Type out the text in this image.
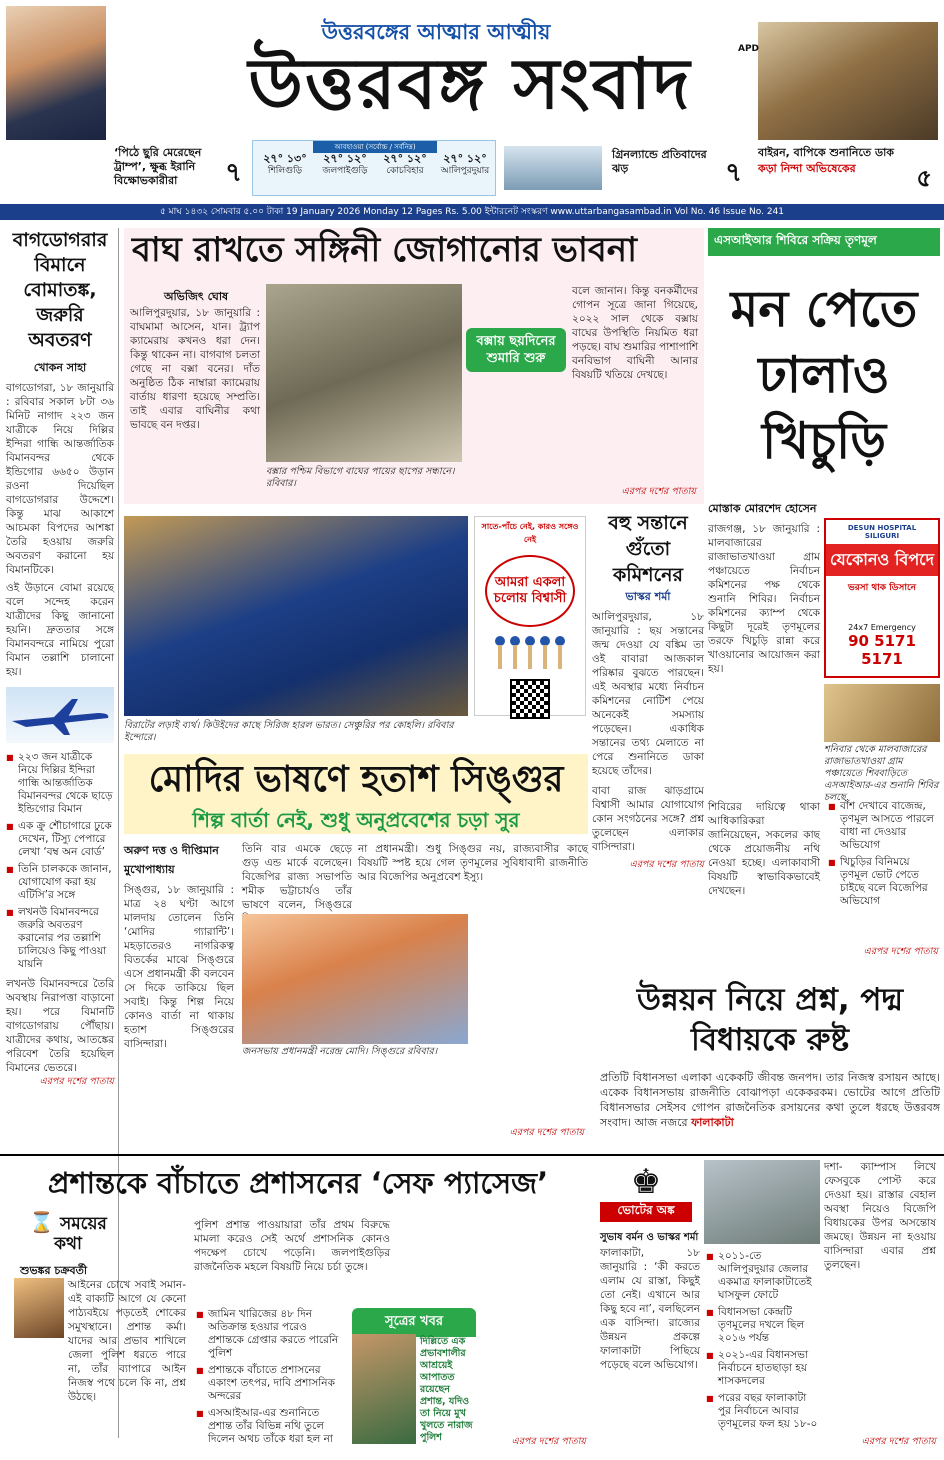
উত্তরবঙ্গের আত্মার আত্মীয়
উত্তরবঙ্গ সংবাদ	APD
‘পিঠে ছুরি মেরেছেন ট্রাম্প’, ক্ষুব্ধ ইরানি বিক্ষোভকারীরা	৭
আবহাওয়া (সর্বোচ্চ / সর্বনিম্ন)
২৭° ১৩°
শিলিগুড়ি
২৭° ১২°
জলপাইগুড়ি
২৭° ১২°
কোচবিহার
২৭° ১২°
আলিপুরদুয়ার
গ্রিনল্যান্ডে প্রতিবাদের ঝড়	৭
বাইরন, বাপিকে শুনানিতে ডাক
কড়া নিন্দা অভিষেকের	৫
৫ মাঘ ১৪৩২ সোমবার ৫.০০ টাকা 19 January 2026 Monday 12 Pages Rs. 5.00 ইন্টারনেট সংস্করণ www.uttarbangasambad.in Vol No. 46 Issue No. 241
বাগডোগরার বিমানে বোমাতঙ্ক, জরুরি অবতরণ
খোকন সাহা
বাগডোগরা, ১৮ জানুয়ারি : রবিবার সকাল ৮টা ৩৬ মিনিট নাগাদ ২২৩ জন যাত্রীকে নিয়ে দিল্লির ইন্দিরা গান্ধি আন্তর্জাতিক বিমানবন্দর থেকে ইন্ডিগোর ৬৬৫০ উড়ান রওনা দিয়েছিল বাগডোগরার উদ্দেশে। কিন্তু মাঝ আকাশে আচমকা বিপদের আশঙ্কা তৈরি হওয়ায় জরুরি অবতরণ করানো হয় বিমানটিকে।
ওই উড়ানে বোমা রয়েছে বলে সন্দেহ করেন যাত্রীদের কিছু জানানো হয়নি। দ্রুততার সঙ্গে বিমানবন্দরে নামিয়ে পুরো বিমান তল্লাশি চালানো হয়।
■ ২২৩ জন যাত্রীকে নিয়ে দিল্লির ইন্দিরা গান্ধি আন্তর্জাতিক বিমানবন্দর থেকে ছাড়ে ইন্ডিগোর বিমান
■ এক ক্রু শৌচাগারে ঢুকে দেখেন, টিস্যু পেপারে লেখা ‘বম্ব অন বোর্ড’
■ তিনি চালককে জানান, যোগাযোগ করা হয় এটিসি’র সঙ্গে
■ লখনউ বিমানবন্দরে জরুরি অবতরণ করানোর পর তল্লাশি চালিয়েও কিছু পাওয়া যায়নি
লখনউ বিমানবন্দরে তৈরি অবস্থায় নিরাপত্তা বাড়ানো হয়। পরে বিমানটি বাগডোগরায় পৌঁছায়। যাত্রীদের কথায়, আতঙ্কের পরিবেশ তৈরি হয়েছিল বিমানের ভেতরে।
এরপর দশের পাতায়
বাঘ রাখতে সঙ্গিনী জোগানোর ভাবনা
অভিজিৎ ঘোষ
আলিপুরদুয়ার, ১৮ জানুয়ারি : বাঘমামা আসেন, যান। ট্র্যাপ ক্যামেরায় কখনও ধরা দেন। কিন্তু থাকেন না। বাগবাগ চলতা গেছে না বক্সা বনের। দাঁত অনুষ্ঠিত ঠিক নাম্বারা ক্যামেরায় বার্তায় ধারণা হয়েছে সম্প্রতি। তাই এবার বাঘিনীর কথা ভাবছে বন দপ্তর।
বক্সার পশ্চিম বিভাগে বাঘের পায়ের ছাপের সন্ধানে। রবিবার।
বক্সায় ছয়দিনের শুমারি শুরু
বলে জানান। কিন্তু বনকর্মীদের গোপন সূত্রে জানা গিয়েছে, ২০২২ সাল থেকে বক্সায় বাঘের উপস্থিতি নিয়মিত ধরা পড়ছে। বাঘ শুমারির পাশাপাশি বনবিভাগ বাঘিনী আনার বিষয়টি খতিয়ে দেখছে।
এরপর দশের পাতায়
এসআইআর শিবিরে সক্রিয় তৃণমূল
মন পেতে ঢালাও খিচুড়ি
মোস্তাক মোরশেদ হোসেন
রাজগঞ্জ, ১৮ জানুয়ারি : মালবাজারের রাজাভাতখাওয়া গ্রাম পঞ্চায়েতে নির্বাচন কমিশনের পক্ষ থেকে শুনানি শিবির। নির্বাচন কমিশনের ক্যাম্প থেকে কিছুটা দূরেই তৃণমূলের তরফে খিচুড়ি রান্না করে খাওয়ানোর আয়োজন করা হয়।
DESUN HOSPITAL SILIGURI
যেকোনও বিপদে
ভরসা থাক ডিসানে
24x7 Emergency
90 5171 5171
শনিবার থেকে মালবাজারের রাজাভাতখাওয়া গ্রাম পঞ্চায়েতে শিববাড়িতে এসআইআর-এর শুনানি শিবির চলছে
শিবিরের দায়িত্বে থাকা আধিকারিকরা জানিয়েছেন, সকলের কাছ থেকে প্রয়োজনীয় নথি নেওয়া হচ্ছে। এলাকাবাসী বিষয়টি স্বাভাবিকভাবেই দেখছেন।
■ বাঁশ দেখাবে বাজেন্দ্র, তৃণমূল আসতে পারলে বাধা না দেওয়ার অভিযোগ
■ খিচুড়ির বিনিময়ে তৃণমূল ভোট পেতে চাইছে বলে বিজেপির অভিযোগ
এরপর দশের পাতায়
বিরাটের লড়াই ব্যর্থ। কিউইদের কাছে সিরিজ হারল ভারত। সেঞ্চুরির পর কোহলি। রবিবার ইন্দোরে।
সাতে-পাঁচে নেই, কারও সঙ্গেও নেই
আমরা একলা চলোয় বিশ্বাসী
বহু সন্তানে গুঁতো কমিশনের
ভাস্কর শর্মা
আলিপুরদুয়ার, ১৮ জানুয়ারি : ছয় সন্তানের জন্ম দেওয়া যে বঙ্কিম তা ওই বাবারা আজকাল পরিষ্কার বুঝতে পারছেন। এই অবস্থার মধ্যে নির্বাচন কমিশনের নোটিশ পেয়ে অনেকেই সমস্যায় পড়েছেন। একাধিক সন্তানের তথ্য মেলাতে না পেরে শুনানিতে ডাকা হয়েছে তাঁদের।
বাবা রাজ ঝাড়গ্রামে বিশ্বাসী আমার যোগাযোগ কোন সংগঠনের সঙ্গে? প্রশ্ন তুলেছেন এলাকার বাসিন্দারা।
এরপর দশের পাতায়
মোদির ভাষণে হতাশ সিঙ্গুর
শিল্প বার্তা নেই, শুধু অনুপ্রবেশের চড়া সুর
অরুণ দত্ত ও দীপ্তিমান মুখোপাধ্যায়
সিঙ্গুর, ১৮ জানুয়ারি : মাত্র ২৪ ঘণ্টা আগে মালদায় তোলেন তিনি ‘মোদির গ্যারান্টি’। মহড়াতেরও নাগরিকত্ব বিতর্কের মাঝে সিঙ্গুরে এসে প্রধানমন্ত্রী কী বলবেন সে দিকে তাকিয়ে ছিল সবাই। কিন্তু শিল্প নিয়ে কোনও বার্তা না থাকায় হতাশ সিঙ্গুরের বাসিন্দারা।
তিনি বার এমকে ছেড়ে গুড় এন্ড মার্কে বলেছেন। বিজেপির রাজ্য সভাপতি শমীক ভট্টাচার্যও তাঁর ভাষণে বলেন, সিঙ্গুরে
না প্রধানমন্ত্রী। শুধু সিঙ্গুর নয়, রাজ্যবাসীর কাছে বিষয়টি স্পষ্ট হয়ে গেল তৃণমূলের সুবিধাবাদী রাজনীতি আর বিজেপির অনুপ্রবেশ ইস্যু।
জনসভায় প্রধানমন্ত্রী নরেন্দ্র মোদি। সিঙ্গুরে রবিবার।
এরপর দশের পাতায়
উন্নয়ন নিয়ে প্রশ্ন, পদ্ম বিধায়কে রুষ্ট
প্রতিটি বিধানসভা এলাকা একেকটি জীবন্ত জনপদ। তার নিজস্ব রসায়ন আছে। একেক বিধানসভায় রাজনীতি বোঝাপড়া একেকরকম। ভোটের আগে প্রতিটি বিধানসভার সেইসব গোপন রাজনৈতিক রসায়নের কথা তুলে ধরছে উত্তরবঙ্গ সংবাদ। আজ নজরে ফালাকাটা
প্রশান্তকে বাঁচাতে প্রশাসনের ‘সেফ প্যাসেজ’
⌛ সময়ের কথা
শুভঙ্কর চক্রবর্তী
আইনের চোখে সবাই সমান- এই বাক্যটি আগে যে কেনো পাঠ্যবইয়ে পড়তেই শোকের সমুখস্থানে। প্রশান্ত কর্মা। যাদের আর প্রভাব শাখিলে জেলা পুলিশ ধরতে পারে না, তাঁর ব্যাপারে আইন নিজস্ব পথে চলে কি না, প্রশ্ন উঠছে।
পুলিশ প্রশান্ত পাওয়ায়ারা তাঁর প্রথম বিরুদ্ধে মামলা করেও সেই অর্থে প্রশাসনিক কোনও পদক্ষেপ চোখে পড়েনি। জলপাইগুড়ির রাজনৈতিক মহলে বিষয়টি নিয়ে চর্চা তুঙ্গে।
■ জামিন খারিজের ৪৮ দিন অতিক্রান্ত হওয়ার পরেও প্রশান্তকে গ্রেপ্তার করতে পারেনি পুলিশ
■ প্রশান্তকে বাঁচাতে প্রশাসনের একাংশ তৎপর, দাবি প্রশাসনিক অন্দরের
■ এসআইআর-এর শুনানিতে প্রশান্ত তাঁর বিভিন্ন নথি তুলে দিলেন অথচ তাঁকে ধরা হল না
সূত্রের খবর
দিল্লিতে এক প্রভাবশালীর আশ্রয়েই আপাতত রয়েছেন প্রশান্ত, যদিও তা নিয়ে মুখ খুলতে নারাজ পুলিশ	এরপর দশের পাতায়
♚
ভোটের অঙ্ক
সুভাষ বর্মন ও ভাস্কর শর্মা
ফালাকাটা, ১৮ জানুয়ারি : ‘কী করতে এলাম যে রাস্তা, কিছুই তো নেই। এখানে আর কিছু হবে না’, বলছিলেন এক বাসিন্দা। রাজ্যের উন্নয়ন প্রকল্পে ফালাকাটা পিছিয়ে পড়েছে বলে অভিযোগ।
■ ২০১১-তে আলিপুরদুয়ার জেলার একমাত্র ফালাকাটাতেই ঘাসফুল ফোটে
■ বিধানসভা কেন্দ্রটি তৃণমূলের দখলে ছিল ২০১৬ পর্যন্ত
■ ২০২১-এর বিধানসভা নির্বাচনে হাতছাড়া হয় শাসকদলের
■ পরের বছর ফালাকাটা পুর নির্বাচনে আবার তৃণমূলের ফল হয় ১৮-০
দশা- ক্যাম্পাস লিখে ফেসবুকে পোস্ট করে দেওয়া হয়। রাস্তার বেহাল অবস্থা নিয়েও বিজেপি বিধায়কের উপর অসন্তোষ জমছে। উন্নয়ন না হওয়ায় বাসিন্দারা এবার প্রশ্ন তুলছেন।
এরপর দশের পাতায়
